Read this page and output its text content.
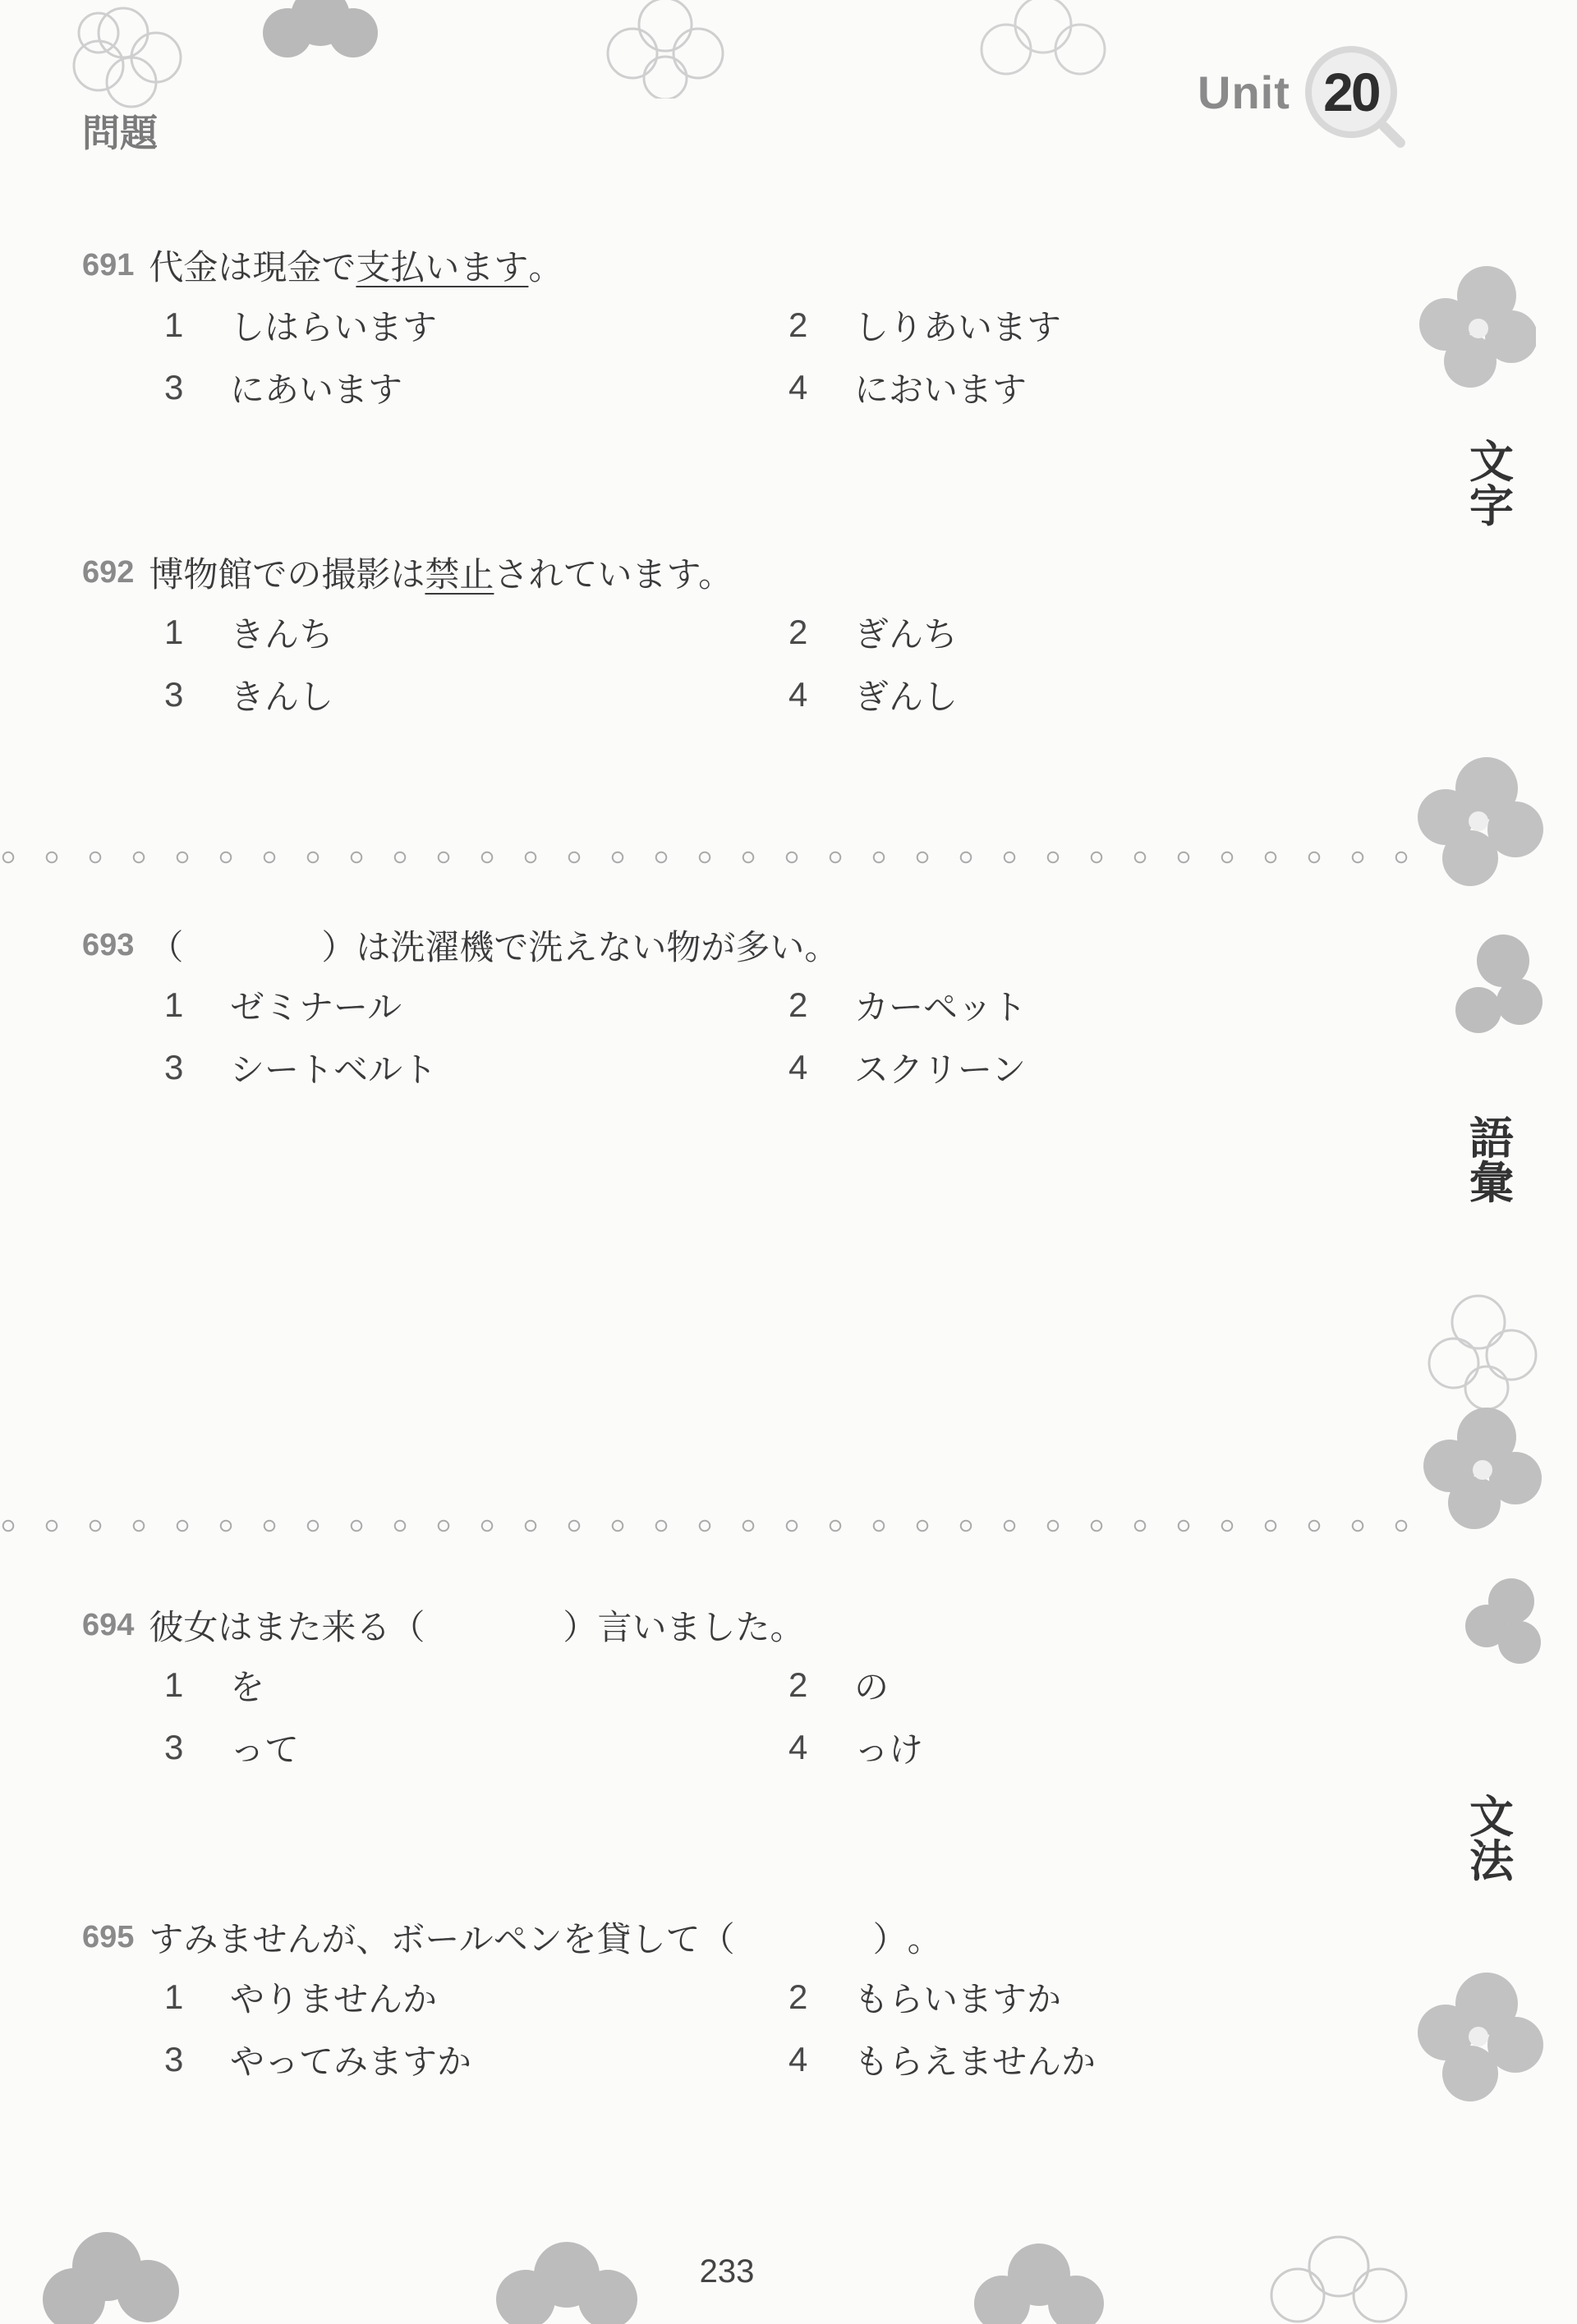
Unit 20
問題
691 代金は現金で 支払います 。
1	しはらいます	2	しりあいます
3	にあいます	4	においます
692 博物館での撮影は 禁止 されています。
1	きんち	2	ぎんち
3	きんし	4	ぎんし
693 （　　　　） は洗濯機で洗えない物が多い。
1	ゼミナール	2	カーペット
3	シートベルト	4	スクリーン
694 彼女はまた来る （　　　　） 言いました。
1	を	2	の
3	って	4	っけ
695 すみませんが、ボールペンを貸して （　　　　） 。
1	やりませんか	2	もらいますか
3	やってみますか	4	もらえませんか
文
字
語
彙
文
法
233
